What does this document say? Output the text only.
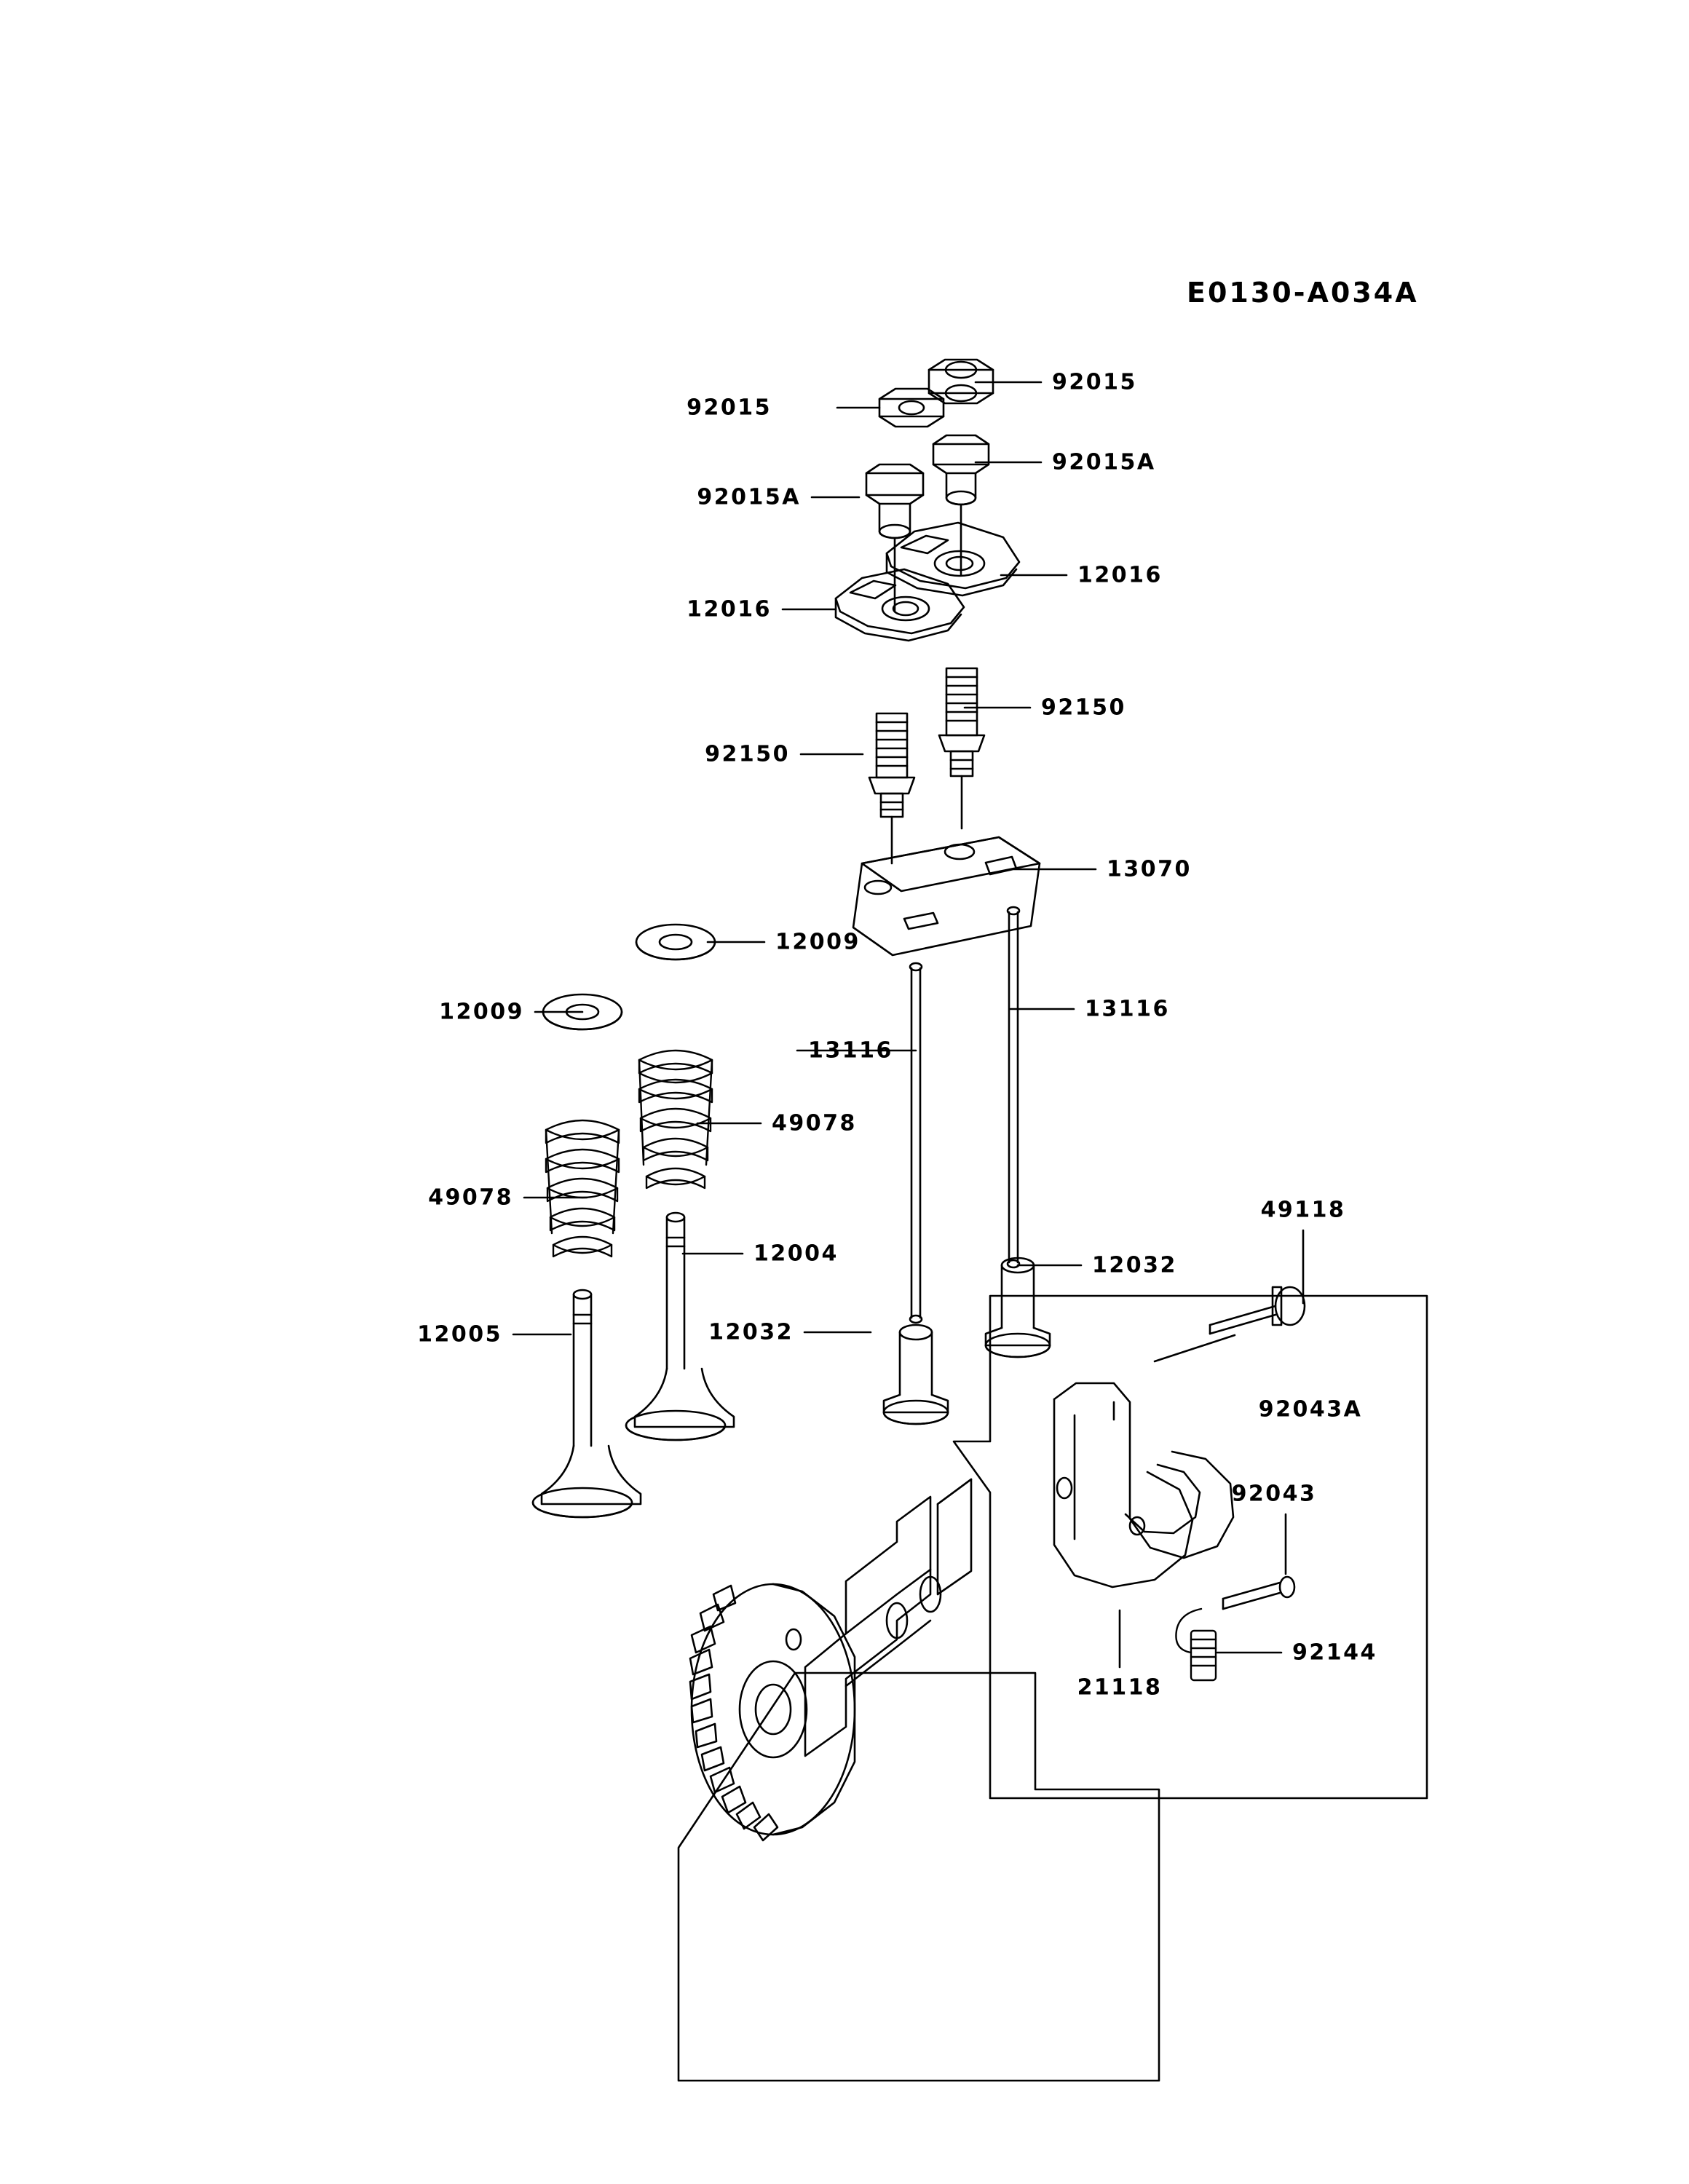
E0130-A034A
92015
92015
92015A
92015A
12016
12016
92150
92150
13070
12009
13116
12009
13116
49078
49078	49118
12004	12032
12005	12032
92043A
92043
92144
21118
